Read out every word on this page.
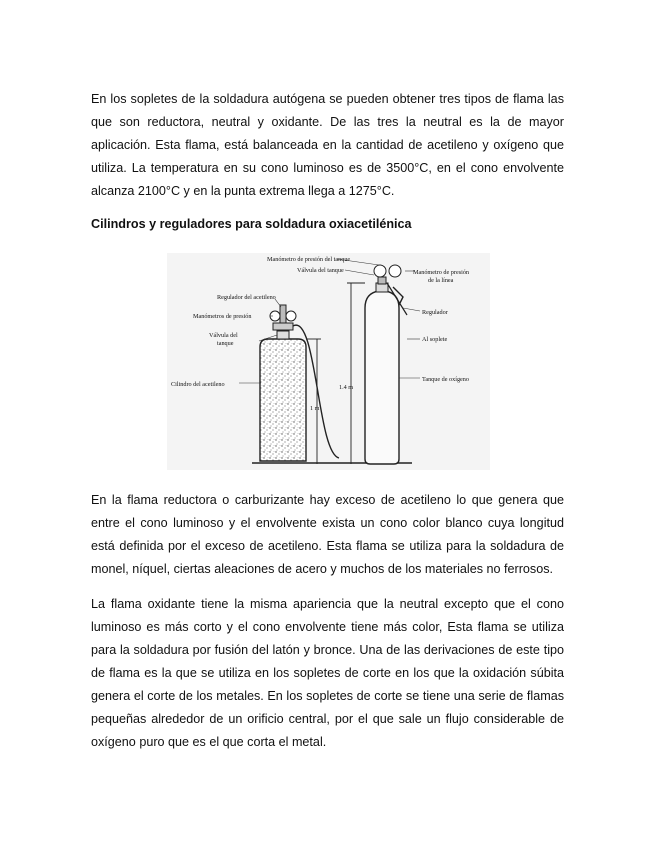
En los sopletes de la soldadura autógena se pueden obtener tres tipos de flama las que son reductora, neutral y oxidante. De las tres la neutral es la de mayor aplicación. Esta flama, está balanceada en la cantidad de acetileno y oxígeno que utiliza. La temperatura en su cono luminoso es de 3500°C, en el cono envolvente alcanza 2100°C y en la punta extrema llega a 1275°C.

Cilindros y reguladores para soldadura oxiacetilénica

1.4 m
1 m
Manómetro de presión del tanque
Válvula del tanque	Manómetro de presión
de la línea
Regulador del acetileno
Manómetros de presión
Regulador
Válvula del
tanque
Al soplete
Cilindro del acetileno
Tanque de oxígeno

En la flama reductora o carburizante hay exceso de acetileno lo que genera que entre el cono luminoso y el envolvente exista un cono color blanco cuya longitud está definida por el exceso de acetileno. Esta flama se utiliza para la soldadura de monel, níquel, ciertas aleaciones de acero y muchos de los materiales no ferrosos.

La flama oxidante tiene la misma apariencia que la neutral excepto que el cono luminoso es más corto y el cono envolvente tiene más color, Esta flama se utiliza para la soldadura por fusión del latón y bronce. Una de las derivaciones de este tipo de flama es la que se utiliza en los sopletes de corte en los que la oxidación súbita genera el corte de los metales. En los sopletes de corte se tiene una serie de flamas pequeñas alrededor de un orificio central, por el que sale un flujo considerable de oxígeno puro que es el que corta el metal.
